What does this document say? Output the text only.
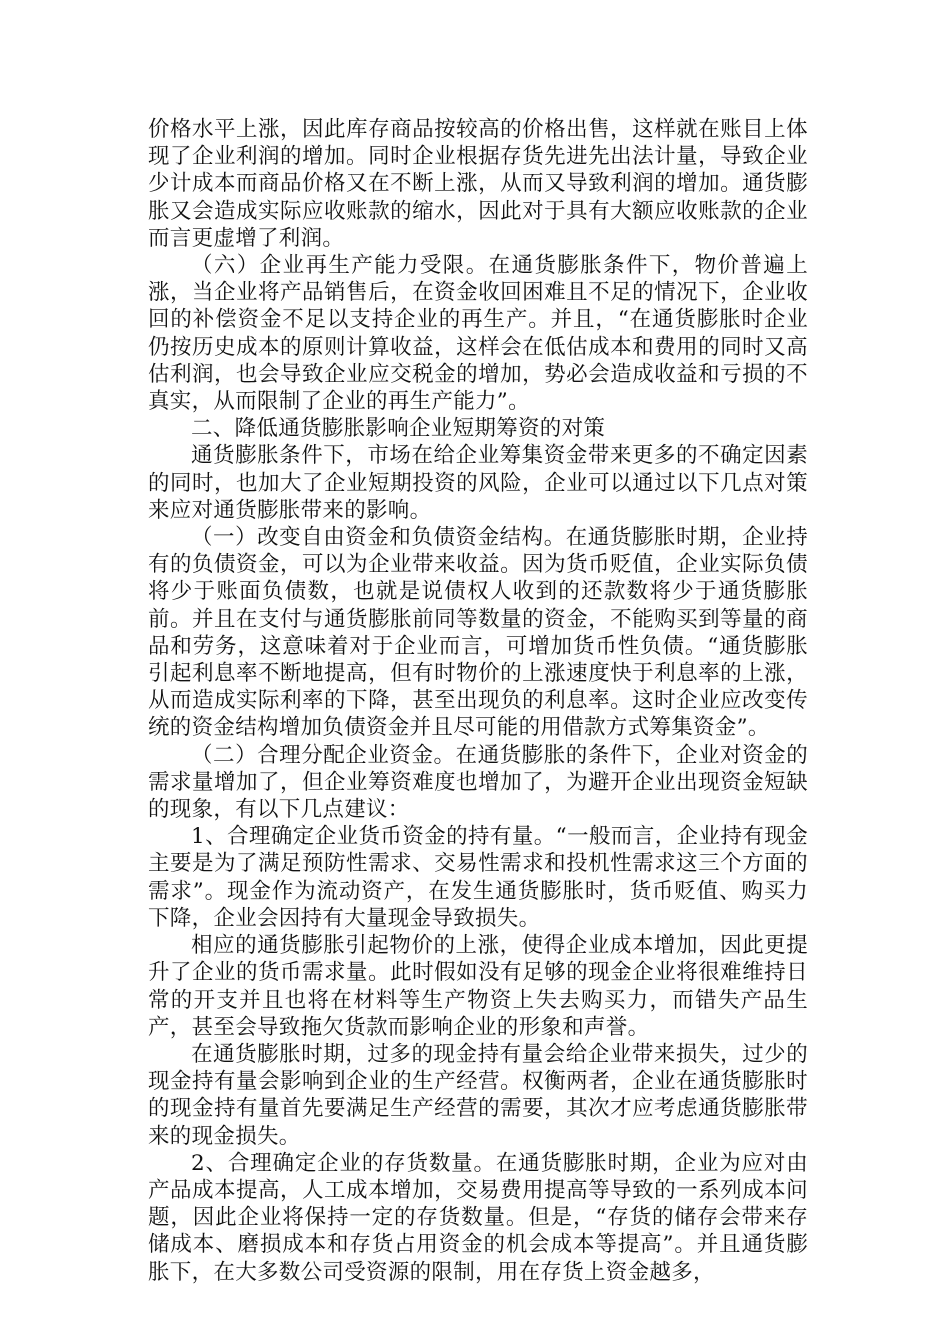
价格水平上涨，因此库存商品按较高的价格出售，这样就在账目上体现了企业利润的增加。同时企业根据存货先进先出法计量，导致企业少计成本而商品价格又在不断上涨，从而又导致利润的增加。通货膨胀又会造成实际应收账款的缩水，因此对于具有大额应收账款的企业而言更虚增了利润。

（六）企业再生产能力受限。在通货膨胀条件下，物价普遍上涨，当企业将产品销售后，在资金收回困难且不足的情况下，企业收回的补偿资金不足以支持企业的再生产。并且，“在通货膨胀时企业仍按历史成本的原则计算收益，这样会在低估成本和费用的同时又高估利润，也会导致企业应交税金的增加，势必会造成收益和亏损的不真实，从而限制了企业的再生产能力”。

二、降低通货膨胀影响企业短期筹资的对策

通货膨胀条件下，市场在给企业筹集资金带来更多的不确定因素的同时，也加大了企业短期投资的风险，企业可以通过以下几点对策来应对通货膨胀带来的影响。

（一）改变自由资金和负债资金结构。在通货膨胀时期，企业持有的负债资金，可以为企业带来收益。因为货币贬值，企业实际负债将少于账面负债数，也就是说债权人收到的还款数将少于通货膨胀前。并且在支付与通货膨胀前同等数量的资金，不能购买到等量的商品和劳务，这意味着对于企业而言，可增加货币性负债。“通货膨胀引起利息率不断地提高，但有时物价的上涨速度快于利息率的上涨，从而造成实际利率的下降，甚至出现负的利息率。这时企业应改变传统的资金结构增加负债资金并且尽可能的用借款方式筹集资金”。

（二）合理分配企业资金。在通货膨胀的条件下，企业对资金的需求量增加了，但企业筹资难度也增加了，为避开企业出现资金短缺的现象，有以下几点建议：

1、合理确定企业货币资金的持有量。“一般而言，企业持有现金主要是为了满足预防性需求、交易性需求和投机性需求这三个方面的需求”。现金作为流动资产，在发生通货膨胀时，货币贬值、购买力下降，企业会因持有大量现金导致损失。

相应的通货膨胀引起物价的上涨，使得企业成本增加，因此更提升了企业的货币需求量。此时假如没有足够的现金企业将很难维持日常的开支并且也将在材料等生产物资上失去购买力，而错失产品生产，甚至会导致拖欠货款而影响企业的形象和声誉。

在通货膨胀时期，过多的现金持有量会给企业带来损失，过少的现金持有量会影响到企业的生产经营。权衡两者，企业在通货膨胀时的现金持有量首先要满足生产经营的需要，其次才应考虑通货膨胀带来的现金损失。

2、合理确定企业的存货数量。在通货膨胀时期，企业为应对由产品成本提高，人工成本增加，交易费用提高等导致的一系列成本问题，因此企业将保持一定的存货数量。但是，“存货的储存会带来存储成本、磨损成本和存货占用资金的机会成本等提高”。并且通货膨胀下，在大多数公司受资源的限制，用在存货上资金越多，
